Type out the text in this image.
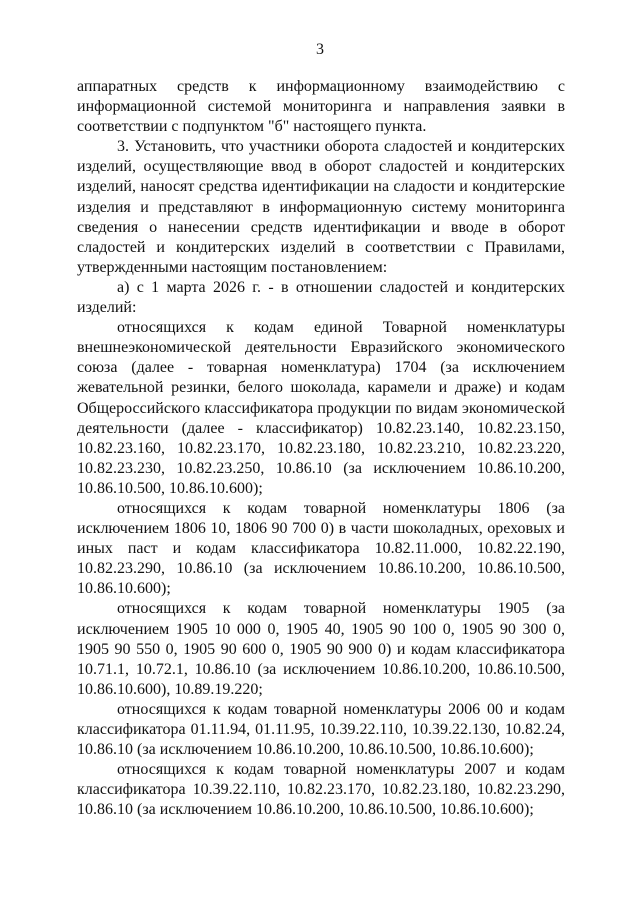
3

аппаратных средств к информационному взаимодействию с информационной системой мониторинга и направления заявки в соответствии с подпунктом "б" настоящего пункта.

3. Установить, что участники оборота сладостей и кондитерских изделий, осуществляющие ввод в оборот сладостей и кондитерских изделий, наносят средства идентификации на сладости и кондитерские изделия и представляют в информационную систему мониторинга сведения о нанесении средств идентификации и вводе в оборот сладостей и кондитерских изделий в соответствии с Правилами, утвержденными настоящим постановлением:

а) с 1 марта 2026 г. - в отношении сладостей и кондитерских изделий:

относящихся к кодам единой Товарной номенклатуры внешнеэкономической деятельности Евразийского экономического союза (далее - товарная номенклатура) 1704 (за исключением жевательной резинки, белого шоколада, карамели и драже) и кодам Общероссийского классификатора продукции по видам экономической деятельности (далее - классификатор) 10.82.23.140, 10.82.23.150, 10.82.23.160, 10.82.23.170, 10.82.23.180, 10.82.23.210, 10.82.23.220, 10.82.23.230, 10.82.23.250, 10.86.10 (за исключением 10.86.10.200, 10.86.10.500, 10.86.10.600);

относящихся к кодам товарной номенклатуры 1806 (за исключением 1806 10, 1806 90 700 0) в части шоколадных, ореховых и иных паст и кодам классификатора 10.82.11.000, 10.82.22.190, 10.82.23.290, 10.86.10 (за исключением 10.86.10.200, 10.86.10.500, 10.86.10.600);

относящихся к кодам товарной номенклатуры 1905 (за исключением 1905 10 000 0, 1905 40, 1905 90 100 0, 1905 90 300 0, 1905 90 550 0, 1905 90 600 0, 1905 90 900 0) и кодам классификатора 10.71.1, 10.72.1, 10.86.10 (за исключением 10.86.10.200, 10.86.10.500, 10.86.10.600), 10.89.19.220;

относящихся к кодам товарной номенклатуры 2006 00 и кодам классификатора 01.11.94, 01.11.95, 10.39.22.110, 10.39.22.130, 10.82.24, 10.86.10 (за исключением 10.86.10.200, 10.86.10.500, 10.86.10.600);

относящихся к кодам товарной номенклатуры 2007 и кодам классификатора 10.39.22.110, 10.82.23.170, 10.82.23.180, 10.82.23.290, 10.86.10 (за исключением 10.86.10.200, 10.86.10.500, 10.86.10.600);
